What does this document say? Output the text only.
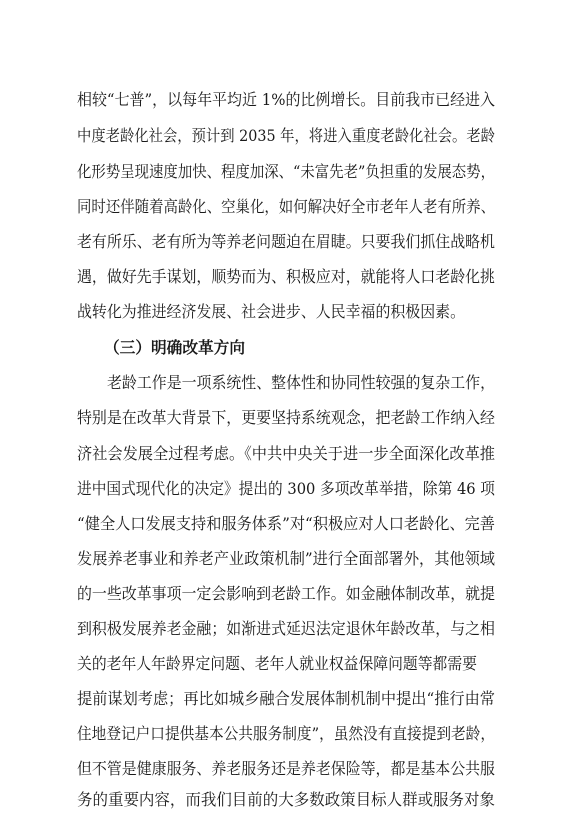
相较“七普”，以每年平均近 1%的比例增长。目前我市已经进入
中度老龄化社会，预计到 2035 年，将进入重度老龄化社会。老龄
化形势呈现速度加快、程度加深、“未富先老”负担重的发展态势，
同时还伴随着高龄化、空巢化，如何解决好全市老年人老有所养、
老有所乐、老有所为等养老问题迫在眉睫。只要我们抓住战略机
遇，做好先手谋划，顺势而为、积极应对，就能将人口老龄化挑
战转化为推进经济发展、社会进步、人民幸福的积极因素。
（三）明确改革方向
老龄工作是一项系统性、整体性和协同性较强的复杂工作，
特别是在改革大背景下，更要坚持系统观念，把老龄工作纳入经
济社会发展全过程考虑。《中共中央关于进一步全面深化改革推
进中国式现代化的决定》提出的 300 多项改革举措，除第 46 项
“健全人口发展支持和服务体系”对“积极应对人口老龄化、完善
发展养老事业和养老产业政策机制”进行全面部署外，其他领域
的一些改革事项一定会影响到老龄工作。如金融体制改革，就提
到积极发展养老金融；如渐进式延迟法定退休年龄改革，与之相
关的老年人年龄界定问题、老年人就业权益保障问题等都需要
提前谋划考虑；再比如城乡融合发展体制机制中提出“推行由常
住地登记户口提供基本公共服务制度”，虽然没有直接提到老龄，
但不管是健康服务、养老服务还是养老保险等，都是基本公共服
务的重要内容，而我们目前的大多数政策目标人群或服务对象
